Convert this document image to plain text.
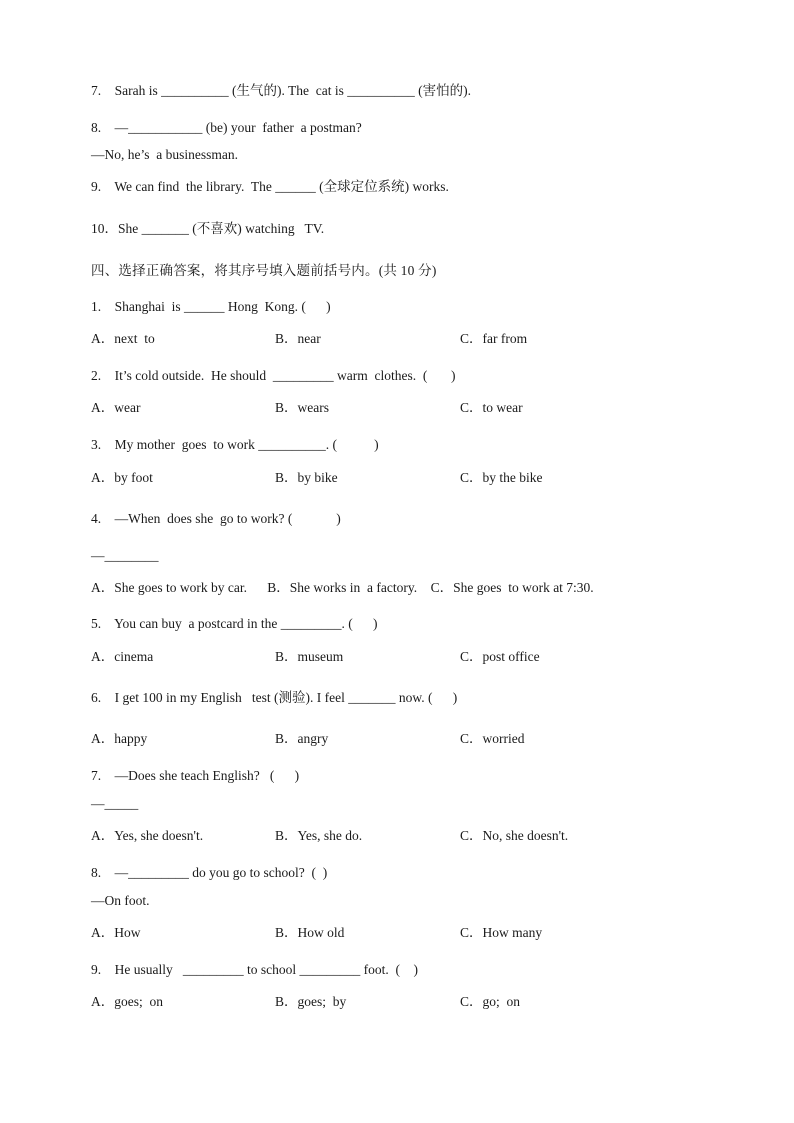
7.    Sarah is __________ (生气的). The  cat is __________ (害怕的).
8.    —___________ (be) your  father  a postman?
—No, he’s  a businessman.
9.    We can find  the library.  The ______ (全球定位系统) works.
10．She _______ (不喜欢) watching   TV.
四、选择正确答案，将其序号填入题前括号内。(共 10 分)
1.    Shanghai  is ______ Hong  Kong. (      )
A．next  to	B．near	C．far from
2.    It’s cold outside.  He should  _________ warm  clothes.  (       )
A．wear	B．wears	C．to wear
3.    My mother  goes  to work __________. (           )
A．by foot	B．by bike	C．by the bike
4.    —When  does she  go to work? (             )
—________
A．She goes to work by car.      B．She works in  a factory.    C．She goes  to work at 7:30.
5.    You can buy  a postcard in the _________. (      )
A．cinema	B．museum	C．post office
6.    I get 100 in my English   test (测验). I feel _______ now. (      )
A．happy	B．angry	C．worried
7.    —Does she teach English?   (      )
—_____
A．Yes, she doesn't.	B．Yes, she do.	C．No, she doesn't.
8.    —_________ do you go to school?  (  )
—On foot.
A．How	B．How old	C．How many
9.    He usually   _________ to school _________ foot.  (    )
A．goes;  on	B．goes;  by	C．go;  on
